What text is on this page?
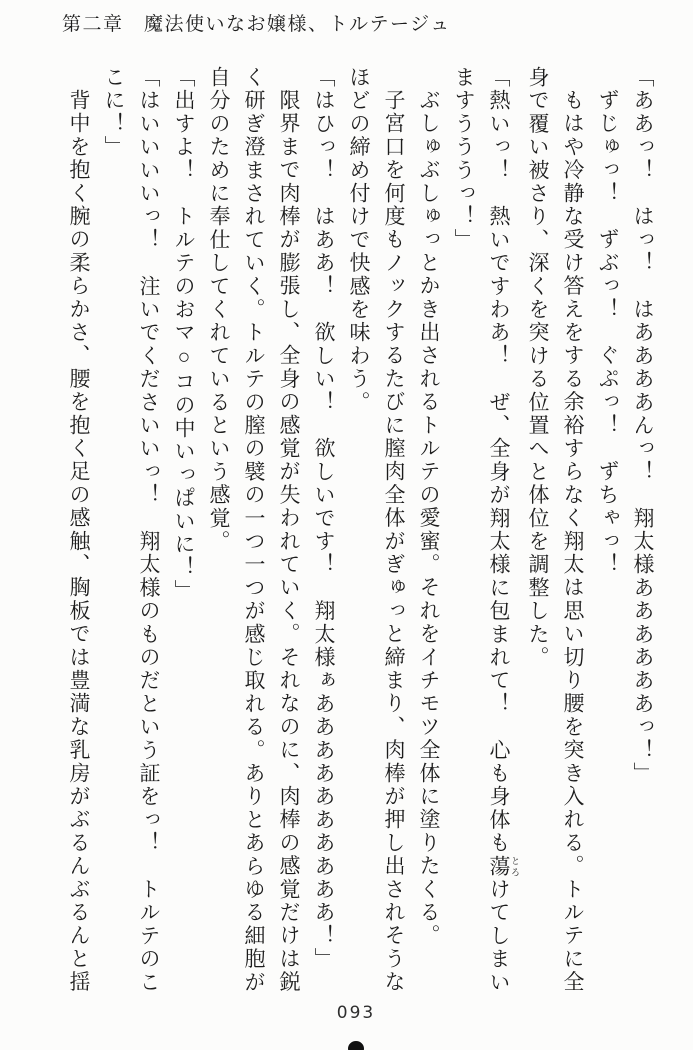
第二章　魔法使いなお嬢様、トルテージュ

「ああっ！　はっ！　はああああんっ！　翔太様ああああああっ！」

ずじゅっ！　ずぶっ！　ぐぷっ！　ずちゃっ！

もはや冷静な受け答えをする余裕すらなく翔太は思い切り腰を突き入れる。トルテに全身で覆い被さり、深くを突ける位置へと体位を調整した。

「熱いっ！　熱いですわあ！　ぜ、全身が翔太様に包まれて！　心も身体も蕩 とろけてしまいますうううっ！」

ぶしゅぶしゅっとかき出されるトルテの愛蜜。それをイチモツ全体に塗りたくる。

子宮口を何度もノックするたびに膣肉全体がぎゅっと締まり、肉棒が押し出されそうなほどの締め付けで快感を味わう。

「はひっ！　はああ！　欲しい！　欲しいです！　翔太様ぁああああああああああ！」

限界まで肉棒が膨張し、全身の感覚が失われていく。それなのに、肉棒の感覚だけは鋭く研ぎ澄まされていく。トルテの膣の襞の一つ一つが感じ取れる。ありとあらゆる細胞が自分のために奉仕してくれているという感覚。

「出すよ！　トルテのおマ○コの中いっぱいに！」

「はいいいいっ！　注いでくださいいっ！　翔太様のものだという証をっ！　トルテのここに！」

背中を抱く腕の柔らかさ、腰を抱く足の感触、胸板では豊満な乳房がぶるんぶるんと揺

093
